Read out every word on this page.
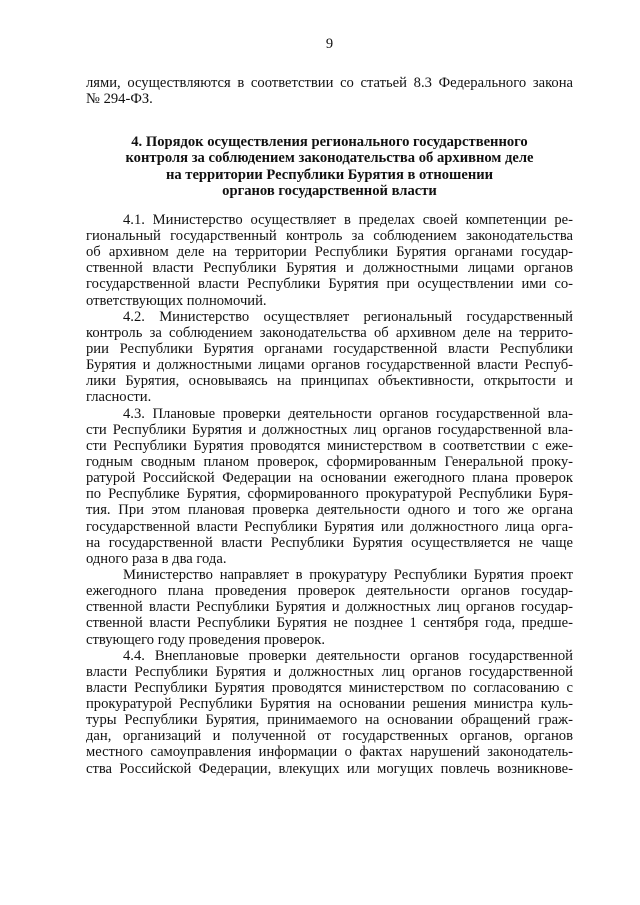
9
лями, осуществляются в соответствии со статьей 8.3 Федерального закона
№ 294-ФЗ.
4. Порядок осуществления регионального государственного
контроля за соблюдением законодательства об архивном деле
на территории Республики Бурятия в отношении
органов государственной власти
4.1. Министерство осуществляет в пределах своей компетенции ре-
гиональный государственный контроль за соблюдением законодательства
об архивном деле на территории Республики Бурятия органами государ-
ственной власти Республики Бурятия и должностными лицами органов
государственной власти Республики Бурятия при осуществлении ими со-
ответствующих полномочий.
4.2. Министерство осуществляет региональный государственный
контроль за соблюдением законодательства об архивном деле на террито-
рии Республики Бурятия органами государственной власти Республики
Бурятия и должностными лицами органов государственной власти Респуб-
лики Бурятия, основываясь на принципах объективности, открытости и
гласности.
4.3. Плановые проверки деятельности органов государственной вла-
сти Республики Бурятия и должностных лиц органов государственной вла-
сти Республики Бурятия проводятся министерством в соответствии с еже-
годным сводным планом проверок, сформированным Генеральной проку-
ратурой Российской Федерации на основании ежегодного плана проверок
по Республике Бурятия, сформированного прокуратурой Республики Буря-
тия. При этом плановая проверка деятельности одного и того же органа
государственной власти Республики Бурятия или должностного лица орга-
на государственной власти Республики Бурятия осуществляется не чаще
одного раза в два года.
Министерство направляет в прокуратуру Республики Бурятия проект
ежегодного плана проведения проверок деятельности органов государ-
ственной власти Республики Бурятия и должностных лиц органов государ-
ственной власти Республики Бурятия не позднее 1 сентября года, предше-
ствующего году проведения проверок.
4.4. Внеплановые проверки деятельности органов государственной
власти Республики Бурятия и должностных лиц органов государственной
власти Республики Бурятия проводятся министерством по согласованию с
прокуратурой Республики Бурятия на основании решения министра куль-
туры Республики Бурятия, принимаемого на основании обращений граж-
дан, организаций и полученной от государственных органов, органов
местного самоуправления информации о фактах нарушений законодатель-
ства Российской Федерации, влекущих или могущих повлечь возникнове-
